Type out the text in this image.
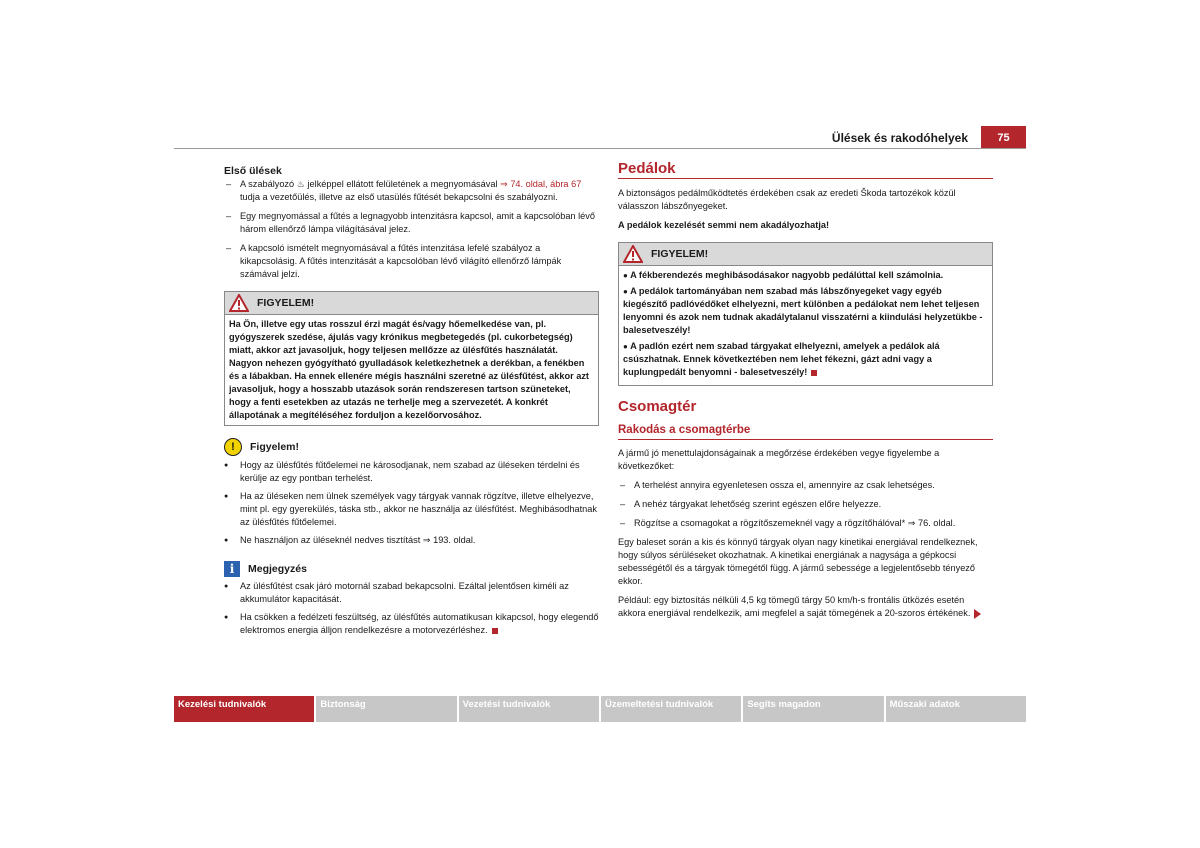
Ülések és rakodóhelyek	75

Első ülések

– A szabályozó ♨ jelképpel ellátott felületének a megnyomásával ⇒ 74. oldal, ábra 67 tudja a vezetőülés, illetve az első utasülés fűtését bekapcsolni és szabályozni.

– Egy megnyomással a fűtés a legnagyobb intenzitásra kapcsol, amit a kapcsolóban lévő három ellenőrző lámpa világításával jelez.

– A kapcsoló ismételt megnyomásával a fűtés intenzitása lefelé szabályoz a kikapcsolásig. A fűtés intenzitását a kapcsolóban lévő világító ellenőrző lámpák számával jelzi.

FIGYELEM!
Ha Ön, illetve egy utas rosszul érzi magát és/vagy hőemelkedése van, pl. gyógyszerek szedése, ájulás vagy krónikus megbetegedés (pl. cukorbetegség) miatt, akkor azt javasoljuk, hogy teljesen mellőzze az ülésfűtés használatát. Nagyon nehezen gyógyítható gyulladások keletkezhetnek a derékban, a fenékben és a lábakban. Ha ennek ellenére mégis használni szeretné az ülésfűtést, akkor azt javasoljuk, hogy a hosszabb utazások során rendszeresen tartson szüneteket, hogy a fenti esetekben az utazás ne terhelje meg a szervezetét. A konkrét állapotának a megítéléséhez forduljon a kezelőorvosához.
!	Figyelem!

● Hogy az ülésfűtés fűtőelemei ne károsodjanak, nem szabad az üléseken térdelni és kerülje az egy pontban terhelést.

● Ha az üléseken nem ülnek személyek vagy tárgyak vannak rögzítve, illetve elhelyezve, mint pl. egy gyerekülés, táska stb., akkor ne használja az ülésfűtést. Meghibásodhatnak az ülésfűtés fűtőelemei.

● Ne használjon az üléseknél nedves tisztítást ⇒ 193. oldal.

i	Megjegyzés

● Az ülésfűtést csak járó motornál szabad bekapcsolni. Ezáltal jelentősen kiméli az akkumulátor kapacitását.

● Ha csökken a fedélzeti feszültség, az ülésfűtés automatikusan kikapcsol, hogy elegendő elektromos energia álljon rendelkezésre a motorvezérléshez.

Pedálok

A biztonságos pedálműködtetés érdekében csak az eredeti Škoda tartozékok közül válasszon lábszőnyegeket.

A pedálok kezelését semmi nem akadályozhatja!

FIGYELEM!

● A fékberendezés meghibásodásakor nagyobb pedálúttal kell számolnia.

● A pedálok tartományában nem szabad más lábszőnyegeket vagy egyéb kiegészítő padlóvédőket elhelyezni, mert különben a pedálokat nem lehet teljesen lenyomni és azok nem tudnak akadálytalanul visszatérni a kiindulási helyzetükbe - balesetveszély!

● A padlón ezért nem szabad tárgyakat elhelyezni, amelyek a pedálok alá csúszhatnak. Ennek következtében nem lehet fékezni, gázt adni vagy a kuplungpedált benyomni - balesetveszély!

Csomagtér

Rakodás a csomagtérbe

A jármű jó menettulajdonságainak a megőrzése érdekében vegye figyelembe a következőket:

– A terhelést annyira egyenletesen ossza el, amennyire az csak lehetséges.

– A nehéz tárgyakat lehetőség szerint egészen előre helyezze.

– Rögzítse a csomagokat a rögzítőszemeknél vagy a rögzítőhálóval* ⇒ 76. oldal.

Egy baleset során a kis és könnyű tárgyak olyan nagy kinetikai energiával rendelkeznek, hogy súlyos sérüléseket okozhatnak. A kinetikai energiának a nagysága a gépkocsi sebességétől és a tárgyak tömegétől függ. A jármű sebessége a legjelentősebb tényező ekkor.

Például: egy biztosítás nélküli 4,5 kg tömegű tárgy 50 km/h-s frontális ütközés esetén akkora energiával rendelkezik, ami megfelel a saját tömegének a 20-szoros értékének.

Kezelési tudnivalók	Biztonság	Vezetési tudnivalók	Üzemeltetési tudnivalók	Segíts magadon	Műszaki adatok
